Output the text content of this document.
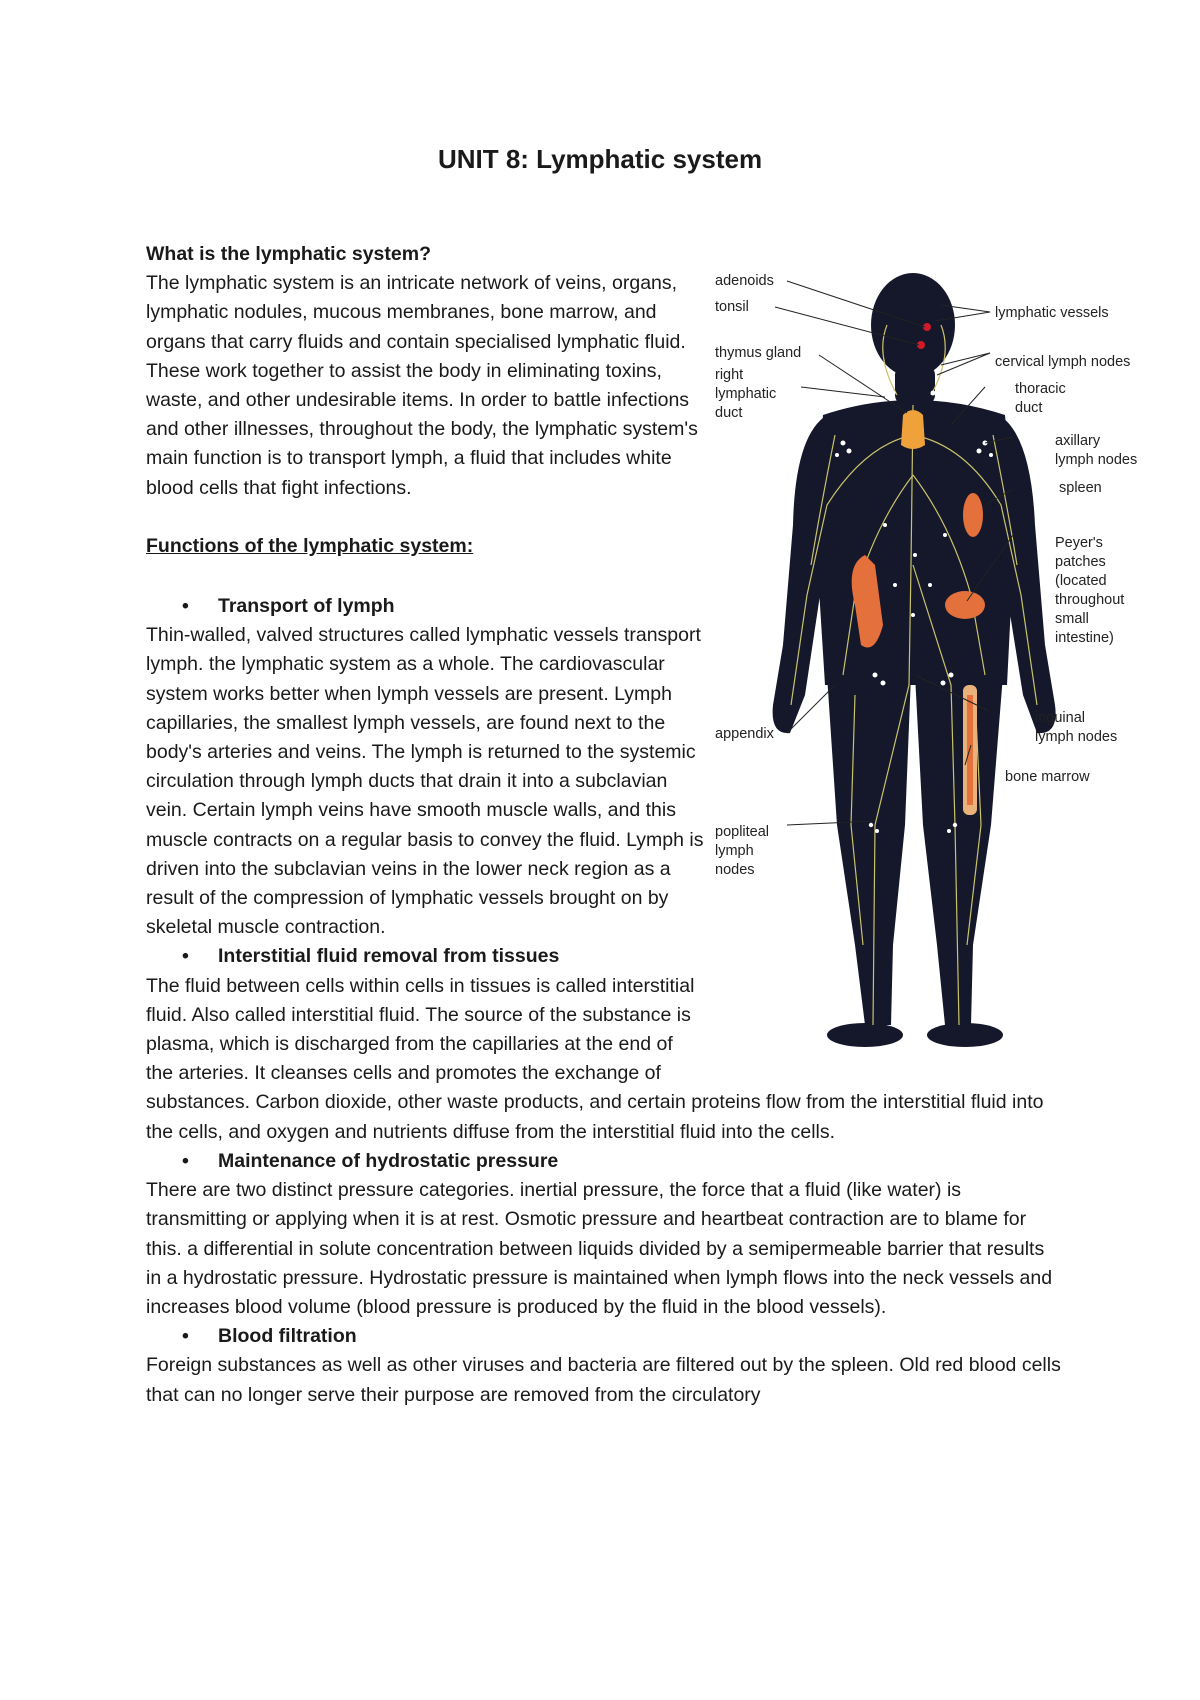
UNIT 8: Lymphatic system
adenoids
tonsil
thymus gland
right
lymphatic
duct
appendix
popliteal
lymph
nodes
lymphatic vessels
cervical lymph nodes
thoracic
duct
axillary
lymph nodes
spleen
Peyer's
patches
(located
throughout
small
intestine)
inguinal
lymph nodes
bone marrow

What is the lymphatic system?

The lymphatic system is an intricate network of veins, organs, lymphatic nodules, mucous membranes, bone marrow, and organs that carry fluids and contain specialised lymphatic fluid. These work together to assist the body in eliminating toxins, waste, and other undesirable items. In order to battle infections and other illnesses, throughout the body, the lymphatic system's main function is to transport lymph, a fluid that includes white blood cells that fight infections.

Functions of the lymphatic system:

• Transport of lymph

Thin-walled, valved structures called lymphatic vessels transport lymph. the lymphatic system as a whole. The cardiovascular system works better when lymph vessels are present. Lymph capillaries, the smallest lymph vessels, are found next to the body's arteries and veins. The lymph is returned to the systemic circulation through lymph ducts that drain it into a subclavian vein. Certain lymph veins have smooth muscle walls, and this muscle contracts on a regular basis to convey the fluid. Lymph is driven into the subclavian veins in the lower neck region as a result of the compression of lymphatic vessels brought on by skeletal muscle contraction.

• Interstitial fluid removal from tissues

The fluid between cells within cells in tissues is called interstitial fluid. Also called interstitial fluid. The source of the substance is plasma, which is discharged from the capillaries at the end of the arteries. It cleanses cells and promotes the exchange of substances. Carbon dioxide, other waste products, and certain proteins flow from the interstitial fluid into the cells, and oxygen and nutrients diffuse from the interstitial fluid into the cells.

• Maintenance of hydrostatic pressure

There are two distinct pressure categories. inertial pressure, the force that a fluid (like water) is transmitting or applying when it is at rest. Osmotic pressure and heartbeat contraction are to blame for this. a differential in solute concentration between liquids divided by a semipermeable barrier that results in a hydrostatic pressure. Hydrostatic pressure is maintained when lymph flows into the neck vessels and increases blood volume (blood pressure is produced by the fluid in the blood vessels).

• Blood filtration

Foreign substances as well as other viruses and bacteria are filtered out by the spleen. Old red blood cells that can no longer serve their purpose are removed from the circulatory
